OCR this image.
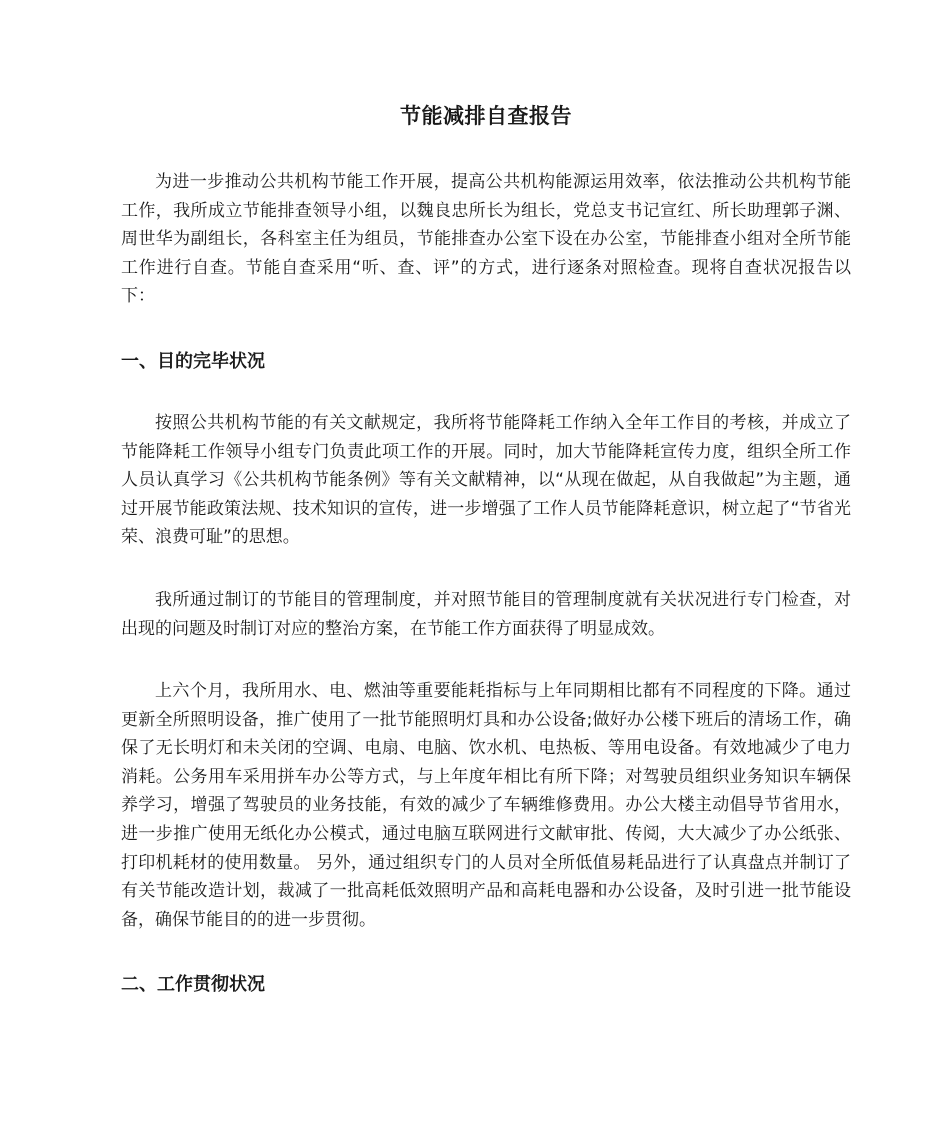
节能减排自查报告

为进一步推动公共机构节能工作开展，提高公共机构能源运用效率，依法推动公共机构节能工作，我所成立节能排查领导小组，以魏良忠所长为组长，党总支书记宣红、所长助理郭子渊、周世华为副组长，各科室主任为组员，节能排查办公室下设在办公室，节能排查小组对全所节能工作进行自查。节能自查采用“听、查、评”的方式，进行逐条对照检查。现将自查状况报告以下：

一、目的完毕状况

按照公共机构节能的有关文献规定，我所将节能降耗工作纳入全年工作目的考核，并成立了节能降耗工作领导小组专门负责此项工作的开展。同时，加大节能降耗宣传力度，组织全所工作人员认真学习《公共机构节能条例》等有关文献精神，以“从现在做起，从自我做起”为主题，通过开展节能政策法规、技术知识的宣传，进一步增强了工作人员节能降耗意识，树立起了“节省光荣、浪费可耻”的思想。

我所通过制订的节能目的管理制度，并对照节能目的管理制度就有关状况进行专门检查，对出现的问题及时制订对应的整治方案，在节能工作方面获得了明显成效。

上六个月，我所用水、电、燃油等重要能耗指标与上年同期相比都有不同程度的下降。通过更新全所照明设备，推广使用了一批节能照明灯具和办公设备;做好办公楼下班后的清场工作，确保了无长明灯和未关闭的空调、电扇、电脑、饮水机、电热板、等用电设备。有效地减少了电力消耗。公务用车采用拼车办公等方式，与上年度年相比有所下降；对驾驶员组织业务知识车辆保养学习，增强了驾驶员的业务技能，有效的减少了车辆维修费用。办公大楼主动倡导节省用水，进一步推广使用无纸化办公模式，通过电脑互联网进行文献审批、传阅，大大减少了办公纸张、打印机耗材的使用数量。 另外，通过组织专门的人员对全所低值易耗品进行了认真盘点并制订了有关节能改造计划，裁减了一批高耗低效照明产品和高耗电器和办公设备，及时引进一批节能设备，确保节能目的的进一步贯彻。

二、工作贯彻状况
